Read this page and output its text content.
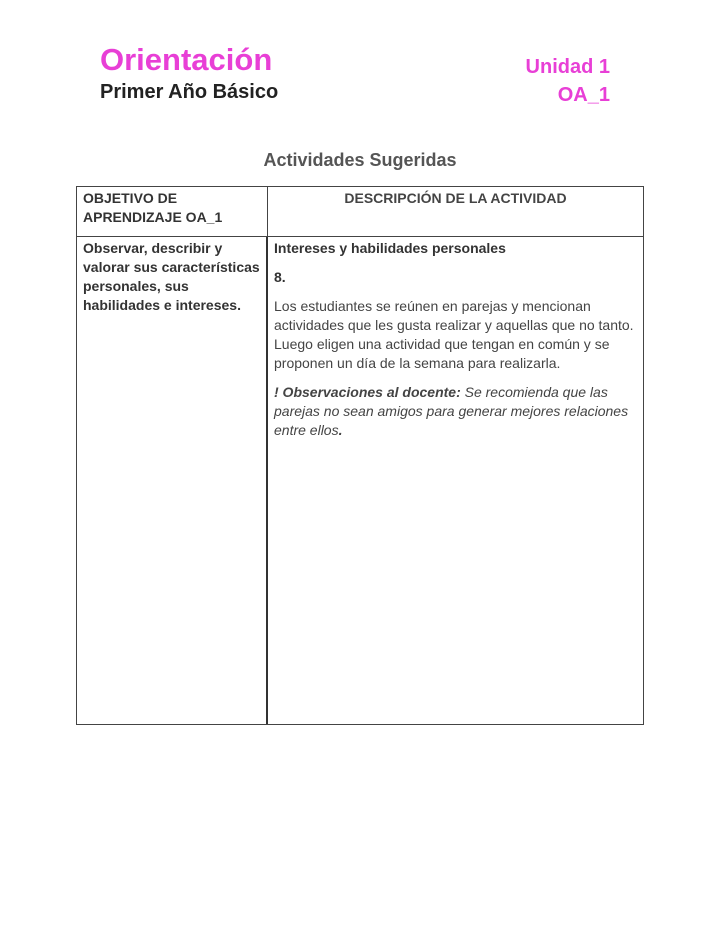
Orientación
Primer Año Básico
Unidad 1
OA_1
Actividades Sugeridas
OBJETIVO DE APRENDIZAJE OA_1
DESCRIPCIÓN DE LA ACTIVIDAD
Observar, describir y valorar sus características personales, sus habilidades e intereses.

Intereses y habilidades personales

8.

Los estudiantes se reúnen en parejas y mencionan actividades que les gusta realizar y aquellas que no tanto. Luego eligen una actividad que tengan en común y se proponen un día de la semana para realizarla.

! Observaciones al docente: Se recomienda que las parejas no sean amigos para generar mejores relaciones entre ellos.
